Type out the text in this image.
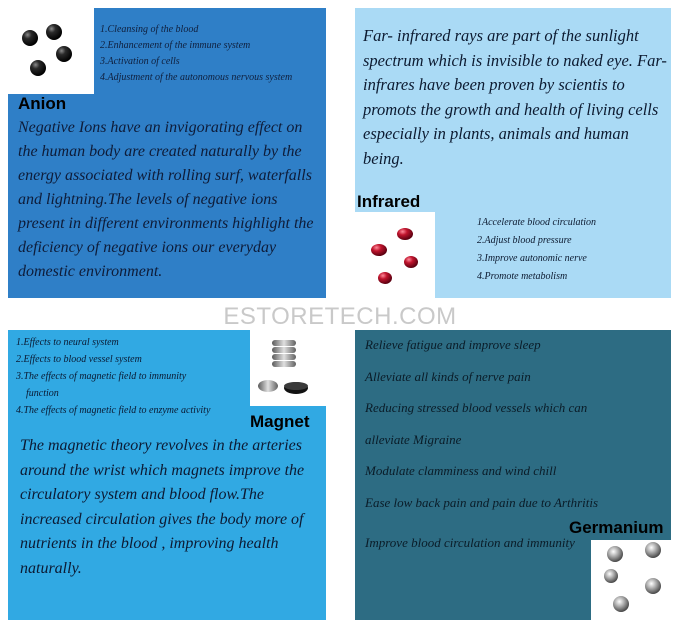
1.Cleansing of the blood
2.Enhancement of the immune system
3.Activation of cells
4.Adjustment of the autonomous nervous system
Anion
Negative Ions have an invigorating effect on the human body are created naturally by the energy associated with rolling surf, waterfalls and lightning.The levels of negative ions present in different environments highlight the deficiency of negative ions our everyday domestic environment.
Far- infrared rays are part of the sunlight spectrum which is invisible to naked eye. Far-infrares have been proven by scientis to promots the growth and health of living cells especially in plants, animals and human being.
Infrared
1Accelerate blood circulation
2.Adjust blood pressure
3.Improve autonomic nerve
4.Promote metabolism
1.Effects to neural system
2.Effects to blood vessel system
3.The effects of magnetic field to immunity
function
4.The effects of magnetic field to enzyme activity
Magnet
The magnetic theory revolves in the arteries around the wrist which magnets improve the circulatory system and blood flow.The increased circulation gives the body more of nutrients in the blood , improving health naturally.
Relieve fatigue and improve sleep
Alleviate all kinds of nerve pain
Reducing stressed blood vessels which can
alleviate Migraine
Modulate clamminess and wind chill
Ease low back pain and pain due to Arthritis
Improve blood circulation and immunity
Germanium
ESTORETECH.COM
